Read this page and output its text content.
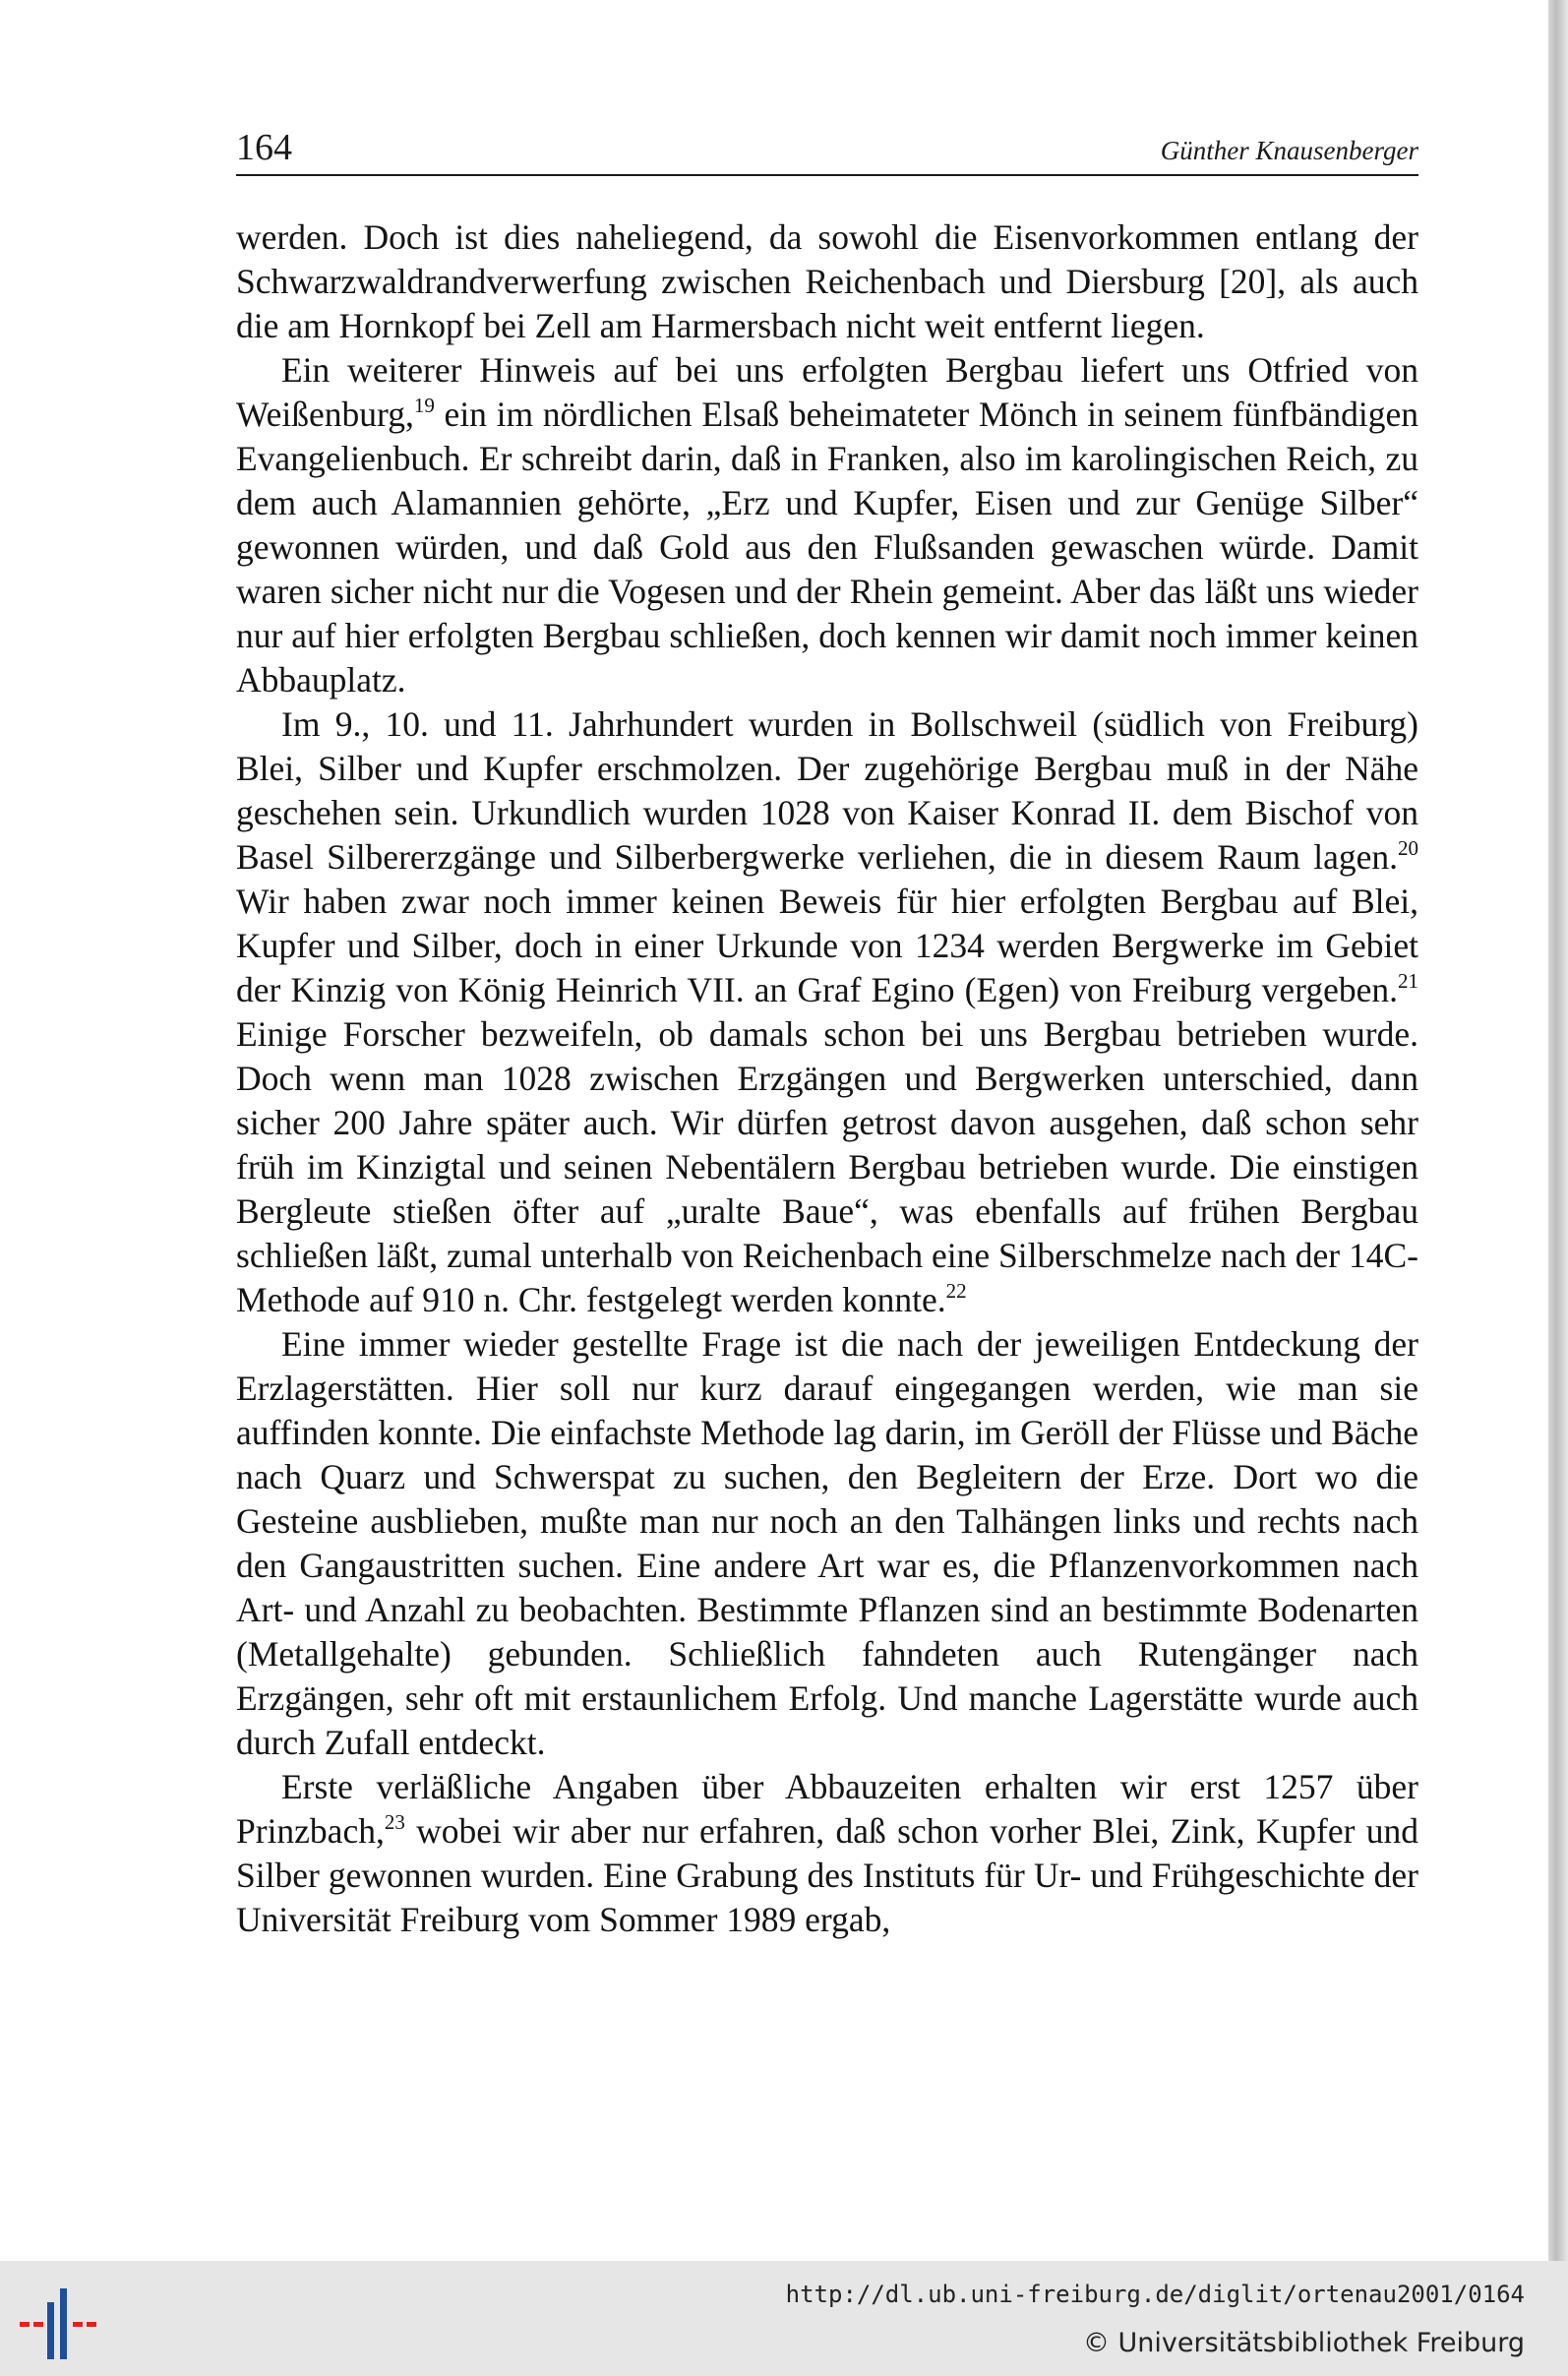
164	Günther Knausenberger

werden. Doch ist dies naheliegend, da sowohl die Eisenvorkommen entlang der Schwarzwaldrandverwerfung zwischen Reichenbach und Diersburg [20], als auch die am Hornkopf bei Zell am Harmersbach nicht weit entfernt liegen.

Ein weiterer Hinweis auf bei uns erfolgten Bergbau liefert uns Otfried von Weißenburg,$^{19}$ ein im nördlichen Elsaß beheimateter Mönch in seinem fünfbändigen Evangelienbuch. Er schreibt darin, daß in Franken, also im karolingischen Reich, zu dem auch Alamannien gehörte, „Erz und Kupfer, Eisen und zur Genüge Silber“ gewonnen würden, und daß Gold aus den Flußsanden gewaschen würde. Damit waren sicher nicht nur die Vogesen und der Rhein gemeint. Aber das läßt uns wieder nur auf hier erfolgten Bergbau schließen, doch kennen wir damit noch immer keinen Abbauplatz.

Im 9., 10. und 11. Jahrhundert wurden in Bollschweil (südlich von Freiburg) Blei, Silber und Kupfer erschmolzen. Der zugehörige Bergbau muß in der Nähe geschehen sein. Urkundlich wurden 1028 von Kaiser Konrad II. dem Bischof von Basel Silbererzgänge und Silberbergwerke verliehen, die in diesem Raum lagen.$^{20}$ Wir haben zwar noch immer keinen Beweis für hier erfolgten Bergbau auf Blei, Kupfer und Silber, doch in einer Urkunde von 1234 werden Bergwerke im Gebiet der Kinzig von König Heinrich VII. an Graf Egino (Egen) von Freiburg vergeben.$^{21}$ Einige Forscher bezweifeln, ob damals schon bei uns Bergbau betrieben wurde. Doch wenn man 1028 zwischen Erzgängen und Bergwerken unterschied, dann sicher 200 Jahre später auch. Wir dürfen getrost davon ausgehen, daß schon sehr früh im Kinzigtal und seinen Nebentälern Bergbau betrieben wurde. Die einstigen Bergleute stießen öfter auf „uralte Baue“, was ebenfalls auf frühen Bergbau schließen läßt, zumal unterhalb von Reichenbach eine Silberschmelze nach der 14C-Methode auf 910 n. Chr. festgelegt werden konnte.$^{22}$

Eine immer wieder gestellte Frage ist die nach der jeweiligen Entdeckung der Erzlagerstätten. Hier soll nur kurz darauf eingegangen werden, wie man sie auffinden konnte. Die einfachste Methode lag darin, im Geröll der Flüsse und Bäche nach Quarz und Schwerspat zu suchen, den Begleitern der Erze. Dort wo die Gesteine ausblieben, mußte man nur noch an den Talhängen links und rechts nach den Gangaustritten suchen. Eine andere Art war es, die Pflanzenvorkommen nach Art- und Anzahl zu beobachten. Bestimmte Pflanzen sind an bestimmte Bodenarten (Metallgehalte) gebunden. Schließlich fahndeten auch Rutengänger nach Erzgängen, sehr oft mit erstaunlichem Erfolg. Und manche Lagerstätte wurde auch durch Zufall entdeckt.

Erste verläßliche Angaben über Abbauzeiten erhalten wir erst 1257 über Prinzbach,$^{23}$ wobei wir aber nur erfahren, daß schon vorher Blei, Zink, Kupfer und Silber gewonnen wurden. Eine Grabung des Instituts für Ur- und Frühgeschichte der Universität Freiburg vom Sommer 1989 ergab,

http://dl.ub.uni-freiburg.de/diglit/ortenau2001/0164
© Universitätsbibliothek Freiburg
